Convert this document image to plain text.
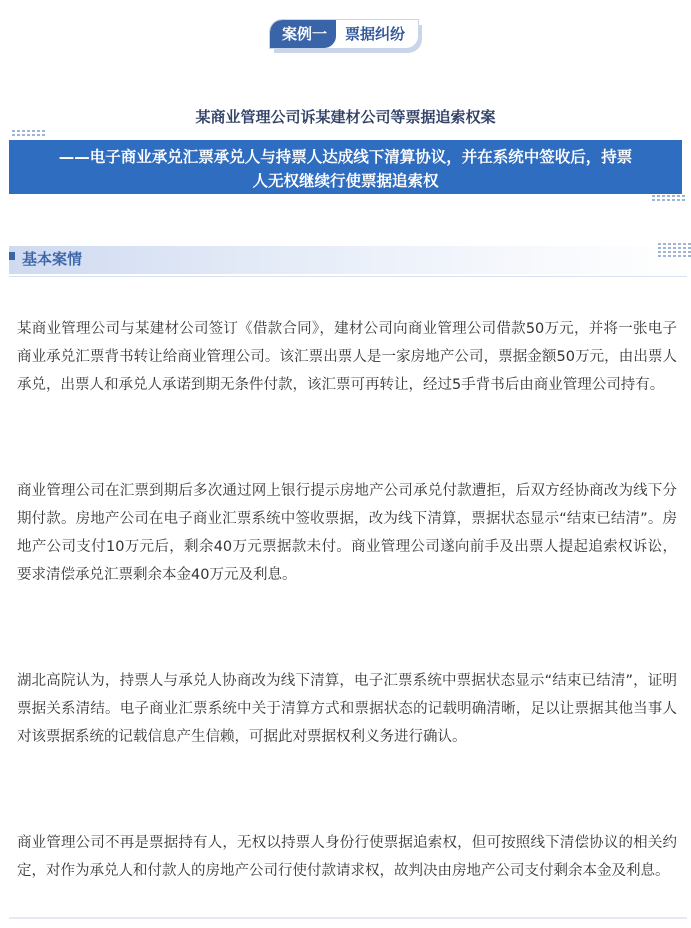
案例一	票据纠纷
某商业管理公司诉某建材公司等票据追索权案
——电子商业承兑汇票承兑人与持票人达成线下清算协议，并在系统中签收后，持票
人无权继续行使票据追索权
基本案情

某商业管理公司与某建材公司签订《借款合同》，建材公司向商业管理公司借款50万元，并将一张电子商业承兑汇票背书转让给商业管理公司。该汇票出票人是一家房地产公司，票据金额50万元，由出票人承兑，出票人和承兑人承诺到期无条件付款，该汇票可再转让，经过5手背书后由商业管理公司持有。

商业管理公司在汇票到期后多次通过网上银行提示房地产公司承兑付款遭拒，后双方经协商改为线下分期付款。房地产公司在电子商业汇票系统中签收票据，改为线下清算，票据状态显示“结束已结清”。房地产公司支付10万元后，剩余40万元票据款未付。商业管理公司遂向前手及出票人提起追索权诉讼，要求清偿承兑汇票剩余本金40万元及利息。

湖北高院认为，持票人与承兑人协商改为线下清算，电子汇票系统中票据状态显示“结束已结清”，证明票据关系清结。电子商业汇票系统中关于清算方式和票据状态的记载明确清晰，足以让票据其他当事人对该票据系统的记载信息产生信赖，可据此对票据权利义务进行确认。

商业管理公司不再是票据持有人，无权以持票人身份行使票据追索权，但可按照线下清偿协议的相关约定，对作为承兑人和付款人的房地产公司行使付款请求权，故判决由房地产公司支付剩余本金及利息。
